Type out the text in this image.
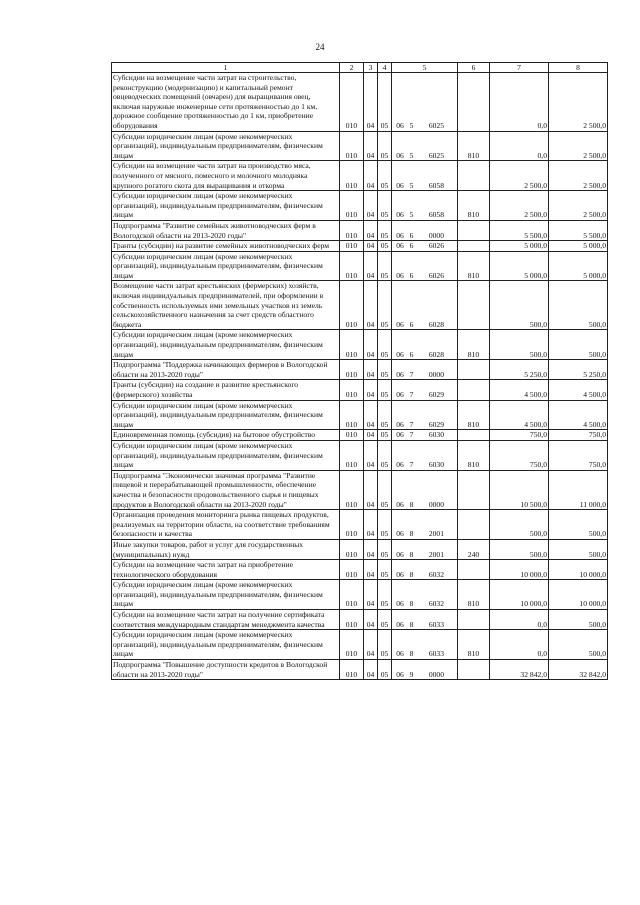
24
1	2	3	4	5	6	7	8
Субсидии на возмещение части затрат на строительство, реконструкцию (модернизацию) и капитальный ремонт овцеводческих помещений (овчарен) для выращивания овец, включая наружные инженерные сети протяженностью до 1 км, дорожное сообщение протяженностью до 1 км, приобретение оборудования	010	04	05	06 5 6025		0,0	2 500,0
Субсидии юридическим лицам (кроме некоммерческих организаций), индивидуальным предпринимателям, физическим лицам	010	04	05	06 5 6025	810	0,0	2 500,0
Субсидии на возмещение части затрат на производство мяса, полученного от мясного, помесного и молочного молодняка крупного рогатого скота для выращивания и откорма	010	04	05	06 5 6058		2 500,0	2 500,0
Субсидии юридическим лицам (кроме некоммерческих организаций), индивидуальным предпринимателям, физическим лицам	010	04	05	06 5 6058	810	2 500,0	2 500,0
Подпрограмма "Развитие семейных животноводческих ферм в Вологодской области на 2013-2020 годы"	010	04	05	06 6 0000		5 500,0	5 500,0
Гранты (субсидии) на развитие семейных животноводческих ферм	010	04	05	06 6 6026		5 000,0	5 000,0
Субсидии юридическим лицам (кроме некоммерческих организаций), индивидуальным предпринимателям, физическим лицам	010	04	05	06 6 6026	810	5 000,0	5 000,0
Возмещение части затрат крестьянских (фермерских) хозяйств, включая индивидуальных предпринимателей, при оформлении в собственность используемых ими земельных участков из земель сельскохозяйственного назначения за счет средств областного бюджета	010	04	05	06 6 6028		500,0	500,0
Субсидии юридическим лицам (кроме некоммерческих организаций), индивидуальным предпринимателям, физическим лицам	010	04	05	06 6 6028	810	500,0	500,0
Подпрограмма "Поддержка начинающих фермеров в Вологодской области на 2013-2020 годы"	010	04	05	06 7 0000		5 250,0	5 250,0
Гранты (субсидии) на создание и развитие крестьянского (фермерского) хозяйства	010	04	05	06 7 6029		4 500,0	4 500,0
Субсидии юридическим лицам (кроме некоммерческих организаций), индивидуальным предпринимателям, физическим лицам	010	04	05	06 7 6029	810	4 500,0	4 500,0
Единовременная помощь (субсидия) на бытовое обустройство	010	04	05	06 7 6030		750,0	750,0
Субсидии юридическим лицам (кроме некоммерческих организаций), индивидуальным предпринимателям, физическим лицам	010	04	05	06 7 6030	810	750,0	750,0
Подпрограмма "Экономически значимая программа "Развитие пищевой и перерабатывающей промышленности, обеспечение качества и безопасности продовольственного сырья и пищевых продуктов в Вологодской области на 2013-2020 годы"	010	04	05	06 8 0000		10 500,0	11 000,0
Организация проведения мониторинга рынка пищевых продуктов, реализуемых на территории области, на соответствие требованиям безопасности и качества	010	04	05	06 8 2001		500,0	500,0
Иные закупки товаров, работ и услуг для государственных (муниципальных) нужд	010	04	05	06 8 2001	240	500,0	500,0
Субсидии на возмещение части затрат на приобретение технологического оборудования	010	04	05	06 8 6032		10 000,0	10 000,0
Субсидии юридическим лицам (кроме некоммерческих организаций), индивидуальным предпринимателям, физическим лицам	010	04	05	06 8 6032	810	10 000,0	10 000,0
Субсидии на возмещение части затрат на получение сертификата соответствия международным стандартам менеджмента качества	010	04	05	06 8 6033		0,0	500,0
Субсидии юридическим лицам (кроме некоммерческих организаций), индивидуальным предпринимателям, физическим лицам	010	04	05	06 8 6033	810	0,0	500,0
Подпрограмма "Повышение доступности кредитов в Вологодской области на 2013-2020 годы"	010	04	05	06 9 0000		32 842,0	32 842,0
